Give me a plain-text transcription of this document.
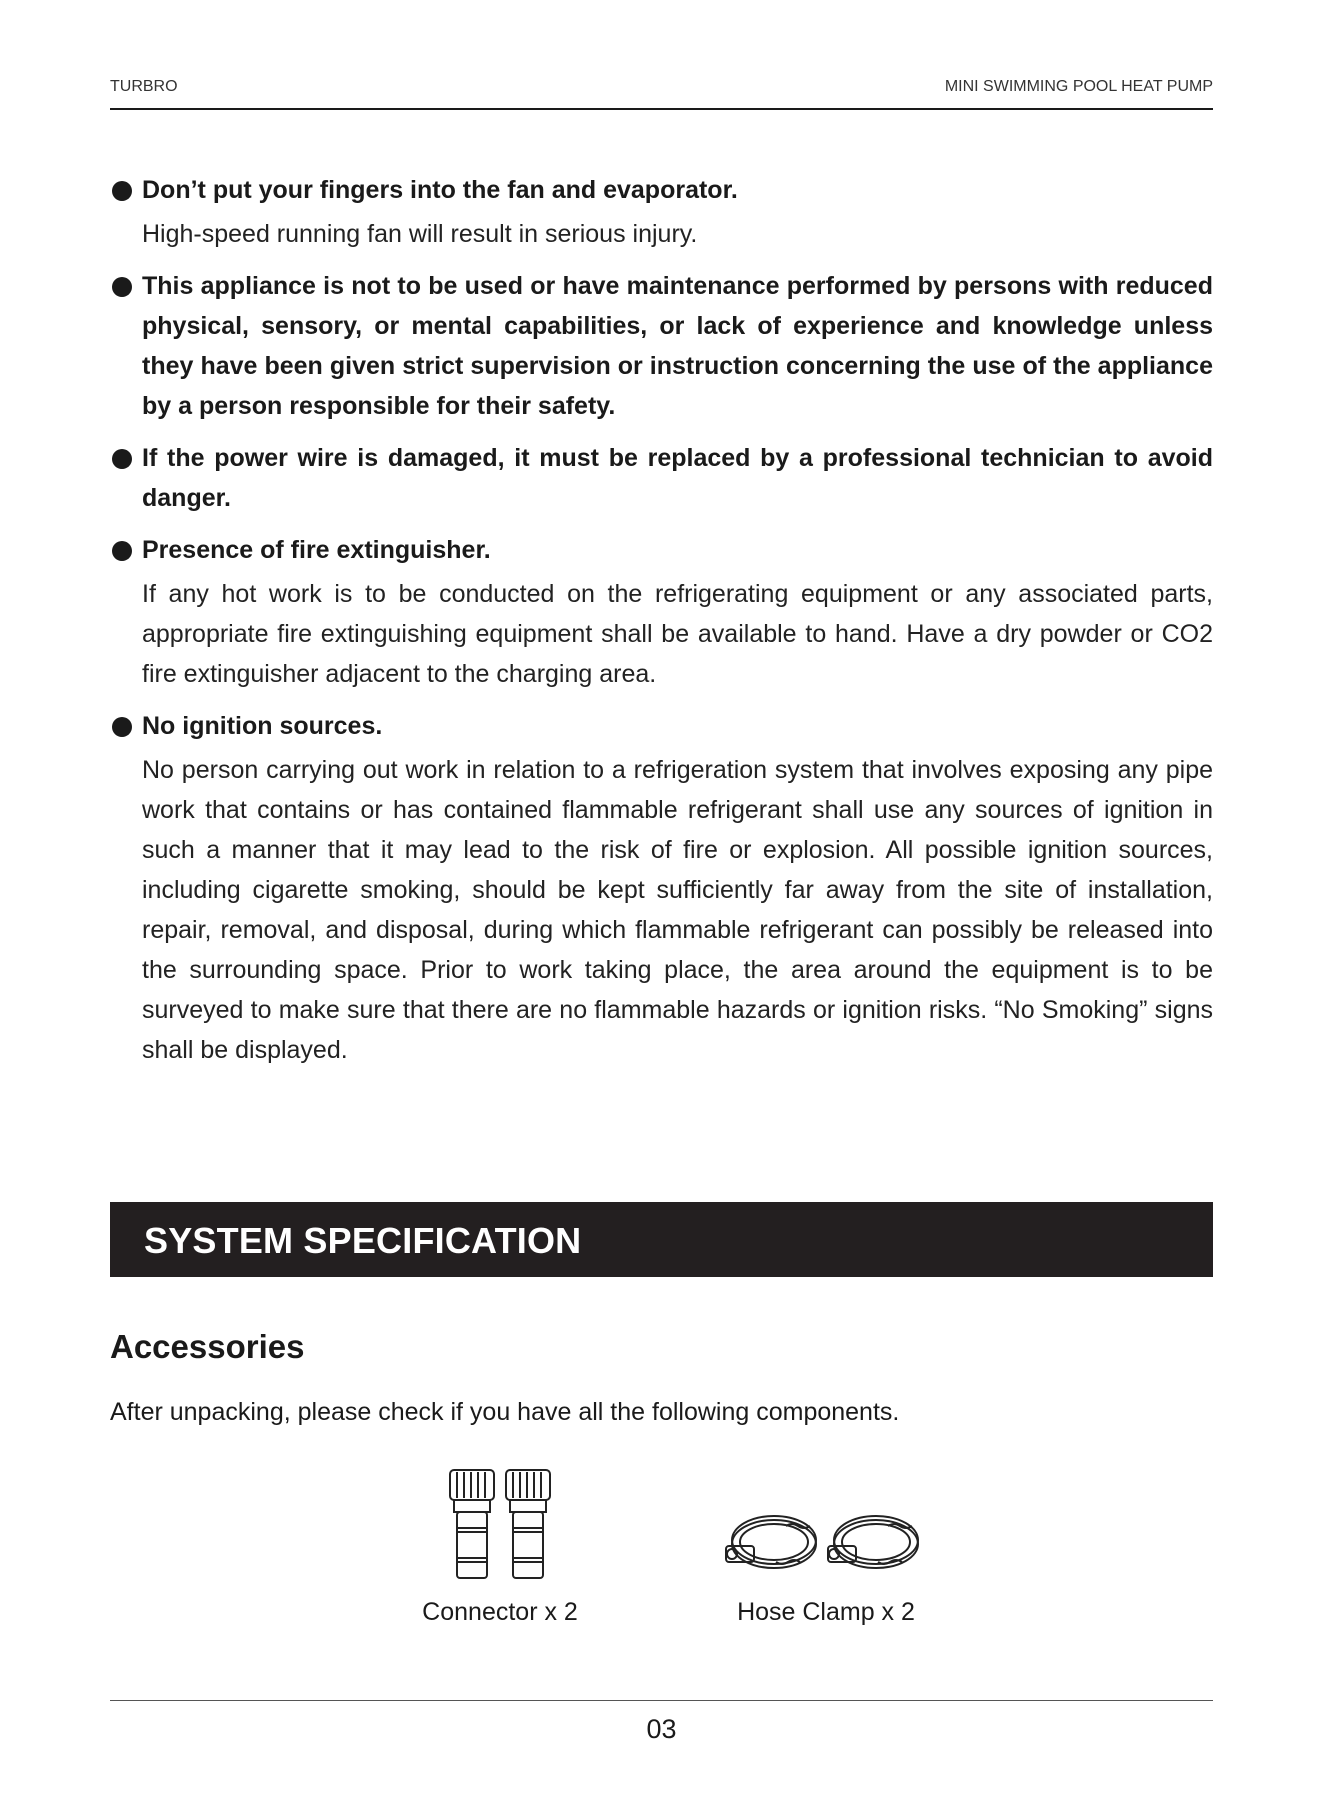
TURBRO	MINI SWIMMING POOL HEAT PUMP
Don’t put your fingers into the fan and evaporator.
High-speed running fan will result in serious injury.
This appliance is not to be used or have maintenance performed by persons with reduced physical, sensory, or mental capabilities, or lack of experience and knowledge unless they have been given strict supervision or instruction concerning the use of the appliance by a person responsible for their safety.
If the power wire is damaged, it must be replaced by a professional technician to avoid danger.
Presence of fire extinguisher.
If any hot work is to be conducted on the refrigerating equipment or any associated parts, appropriate fire extinguishing equipment shall be available to hand. Have a dry powder or CO2 fire extinguisher adjacent to the charging area.
No ignition sources.
No person carrying out work in relation to a refrigeration system that involves exposing any pipe work that contains or has contained flammable refrigerant shall use any sources of ignition in such a manner that it may lead to the risk of fire or explosion. All possible ignition sources, including cigarette smoking, should be kept sufficiently far away from the site of installation, repair, removal, and disposal, during which flammable refrigerant can possibly be released into the surrounding space. Prior to work taking place, the area around the equipment is to be surveyed to make sure that there are no flammable hazards or ignition risks. “No Smoking” signs shall be displayed.
SYSTEM SPECIFICATION
Accessories
After unpacking, please check if you have all the following components.
Connector x 2	Hose Clamp x 2
03
